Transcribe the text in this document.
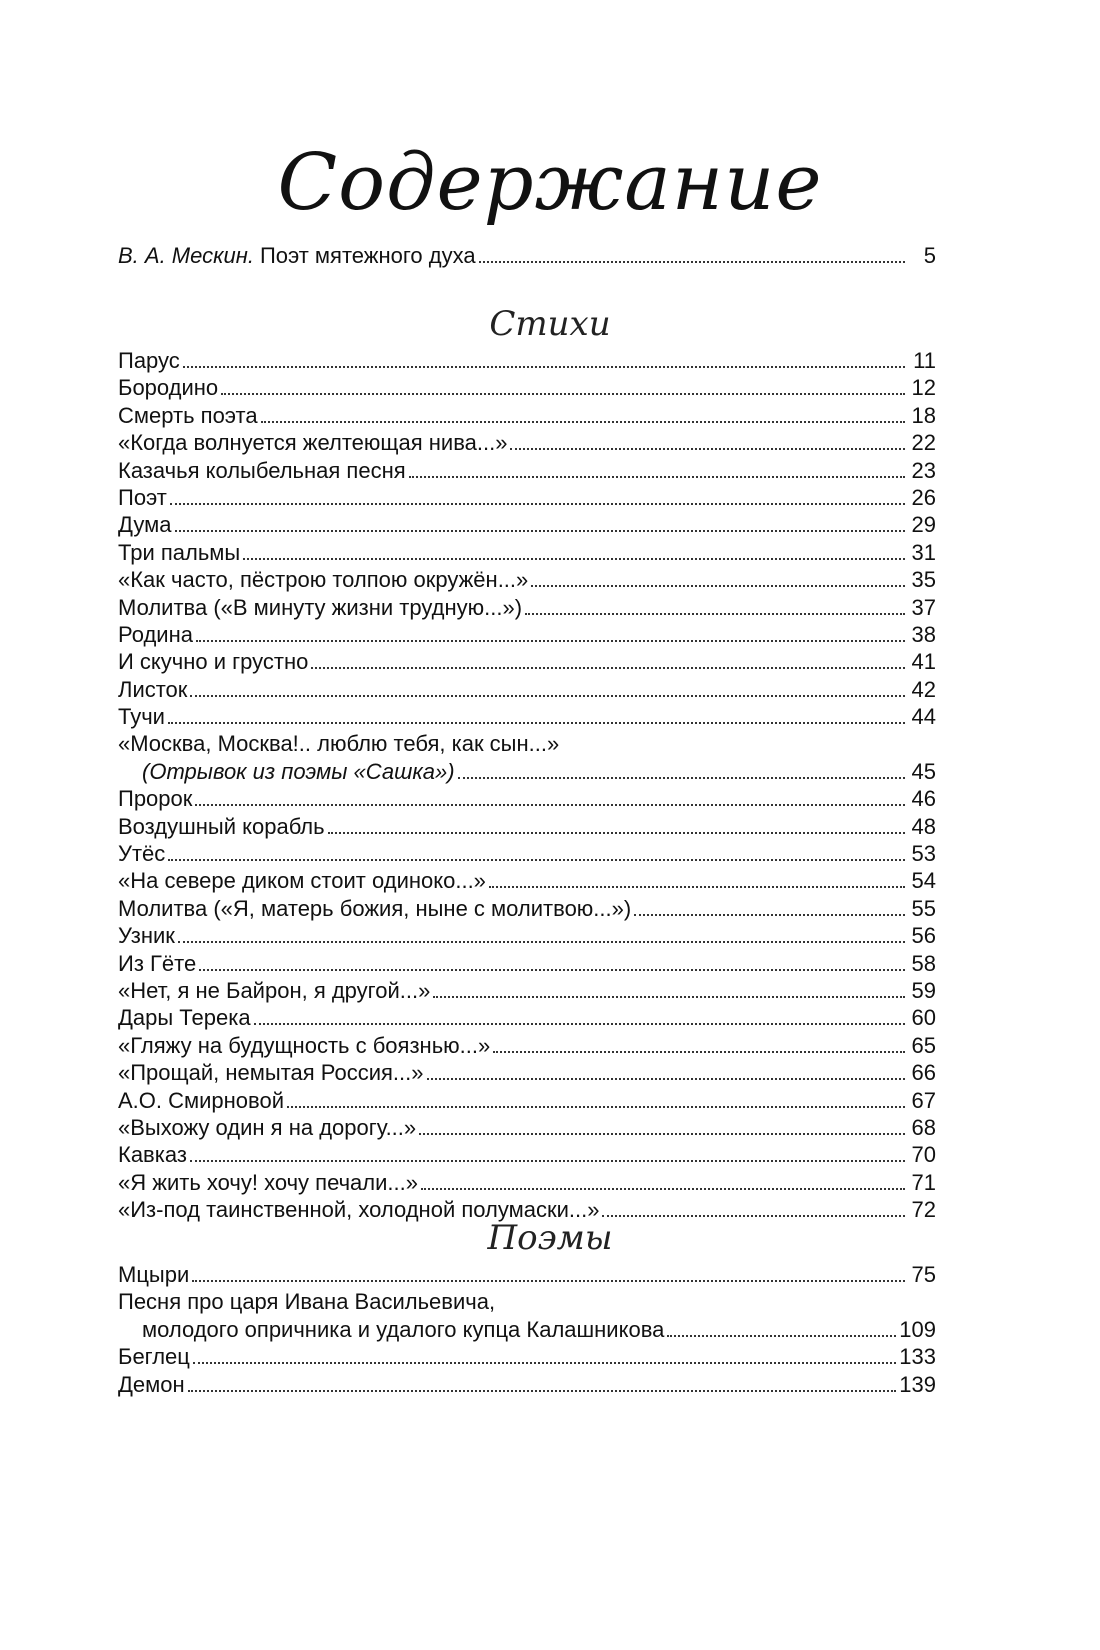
Содержание
В. А. Мескин. Поэт мятежного духа	5
Стихи
Парус	11
Бородино	12
Смерть поэта	18
«Когда волнуется желтеющая нива...»	22
Казачья колыбельная песня	23
Поэт	26
Дума	29
Три пальмы	31
«Как часто, пёстрою толпою окружён...»	35
Молитва («В минуту жизни трудную...»)	37
Родина	38
И скучно и грустно	41
Листок	42
Тучи	44
«Москва, Москва!.. люблю тебя, как сын...»
(Отрывок из поэмы «Сашка»)	45
Пророк	46
Воздушный корабль	48
Утёс	53
«На севере диком стоит одиноко...»	54
Молитва («Я, матерь божия, ныне с молитвою...»)	55
Узник	56
Из Гёте	58
«Нет, я не Байрон, я другой...»	59
Дары Терека	60
«Гляжу на будущность с боязнью...»	65
«Прощай, немытая Россия...»	66
А.О. Смирновой	67
«Выхожу один я на дорогу...»	68
Кавказ	70
«Я жить хочу! хочу печали...»	71
«Из-под таинственной, холодной полумаски...»	72
Поэмы
Мцыри	75
Песня про царя Ивана Васильевича,
молодого опричника и удалого купца Калашникова	109
Беглец	133
Демон	139
